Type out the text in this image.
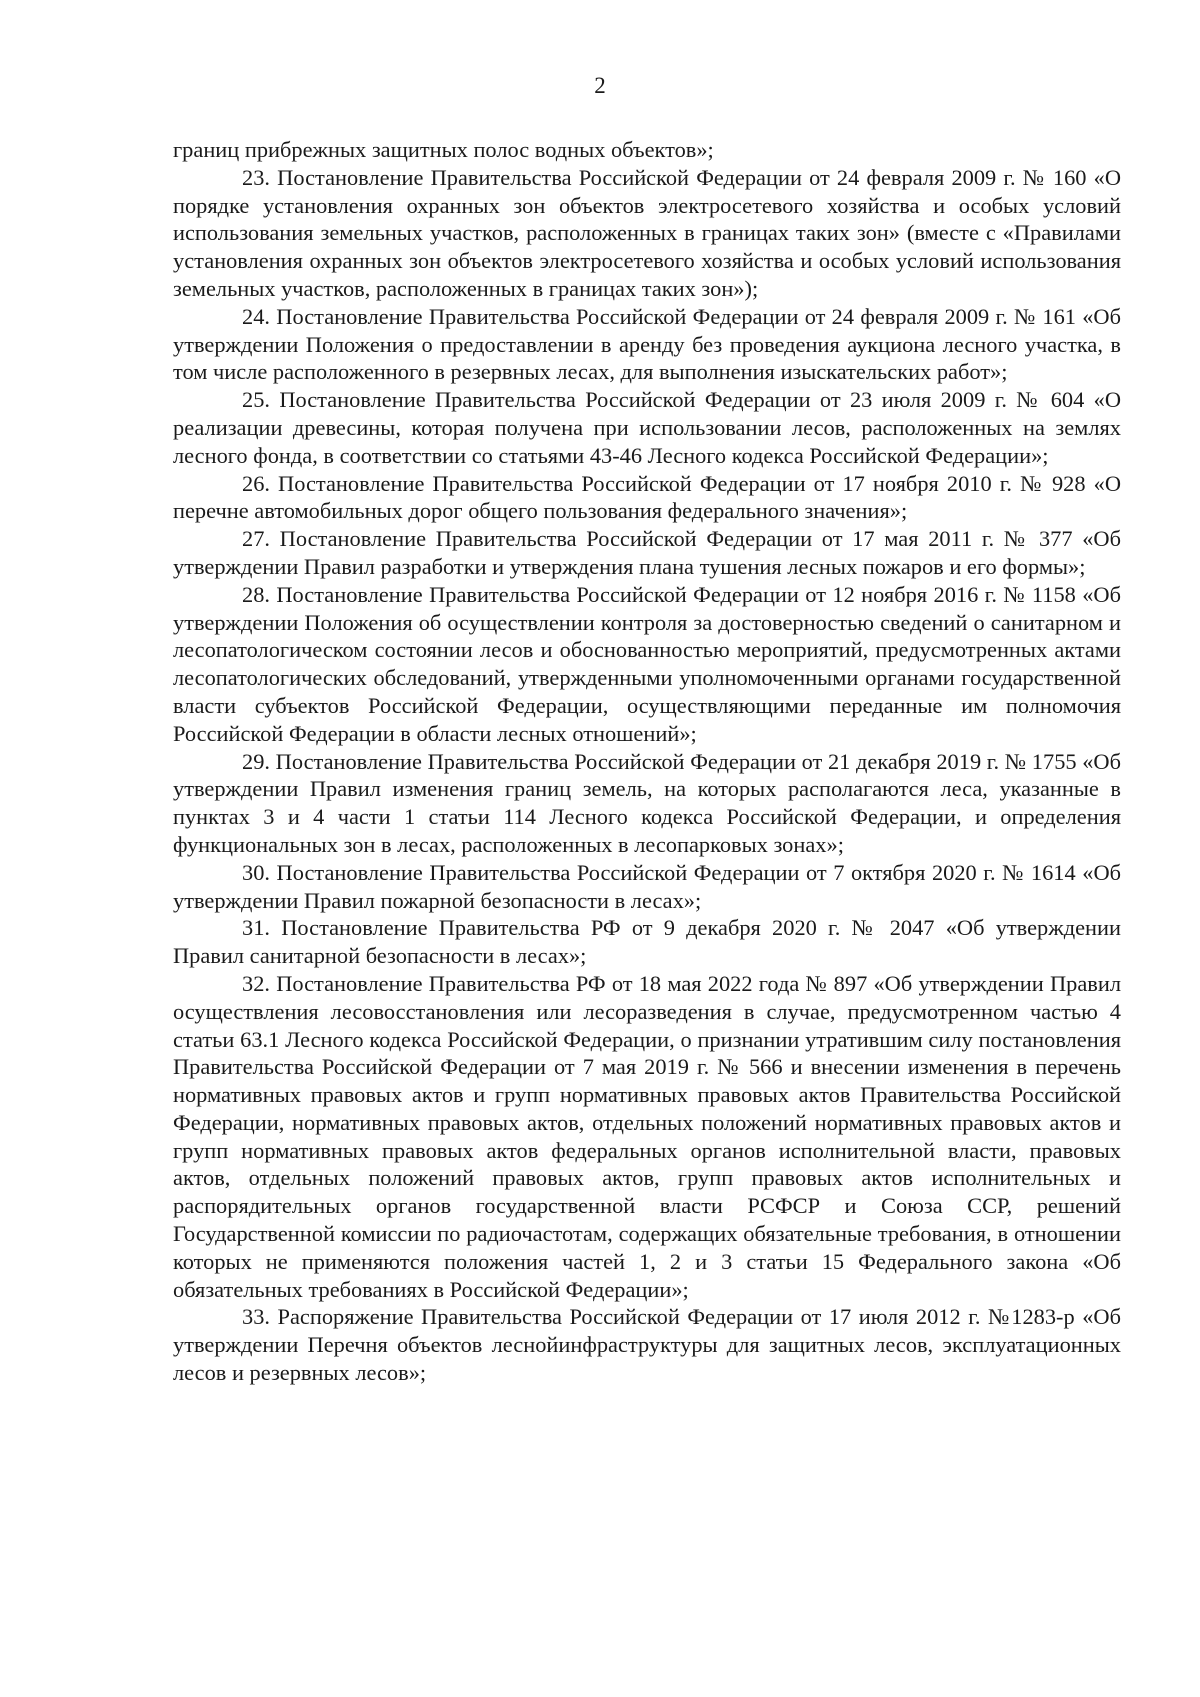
2

границ прибрежных защитных полос водных объектов»;

23. Постановление Правительства Российской Федерации от 24 февраля 2009 г. № 160 «О порядке установления охранных зон объектов электросетевого хозяйства и особых условий использования земельных участков, расположенных в границах таких зон» (вместе с «Правилами установления охранных зон объектов электросетевого хозяйства и особых условий использования земельных участков, расположенных в границах таких зон»);

24. Постановление Правительства Российской Федерации от 24 февраля 2009 г. № 161 «Об утверждении Положения о предоставлении в аренду без проведения аукциона лесного участка, в том числе расположенного в резервных лесах, для выполнения изыскательских работ»;

25. Постановление Правительства Российской Федерации от 23 июля 2009 г. № 604 «О реализации древесины, которая получена при использовании лесов, расположенных на землях лесного фонда, в соответствии со статьями 43-46 Лесного кодекса Российской Федерации»;

26. Постановление Правительства Российской Федерации от 17 ноября 2010 г. № 928 «О перечне автомобильных дорог общего пользования федерального значения»;

27. Постановление Правительства Российской Федерации от 17 мая 2011 г. № 377 «Об утверждении Правил разработки и утверждения плана тушения лесных пожаров и его формы»;

28. Постановление Правительства Российской Федерации от 12 ноября 2016 г. № 1158 «Об утверждении Положения об осуществлении контроля за достоверностью сведений о санитарном и лесопатологическом состоянии лесов и обоснованностью мероприятий, предусмотренных актами лесопатологических обследований, утвержденными уполномоченными органами государственной власти субъектов Российской Федерации, осуществляющими переданные им полномочия Российской Федерации в области лесных отношений»;

29. Постановление Правительства Российской Федерации от 21 декабря 2019 г. № 1755 «Об утверждении Правил изменения границ земель, на которых располагаются леса, указанные в пунктах 3 и 4 части 1 статьи 114 Лесного кодекса Российской Федерации, и определения функциональных зон в лесах, расположенных в лесопарковых зонах»;

30. Постановление Правительства Российской Федерации от 7 октября 2020 г. № 1614 «Об утверждении Правил пожарной безопасности в лесах»;

31. Постановление Правительства РФ от 9 декабря 2020 г. № 2047 «Об утверждении Правил санитарной безопасности в лесах»;

32. Постановление Правительства РФ от 18 мая 2022 года № 897 «Об утверждении Правил осуществления лесовосстановления или лесоразведения в случае, предусмотренном частью 4 статьи 63.1 Лесного кодекса Российской Федерации, о признании утратившим силу постановления Правительства Российской Федерации от 7 мая 2019 г. № 566 и внесении изменения в перечень нормативных правовых актов и групп нормативных правовых актов Правительства Российской Федерации, нормативных правовых актов, отдельных положений нормативных правовых актов и групп нормативных правовых актов федеральных органов исполнительной власти, правовых актов, отдельных положений правовых актов, групп правовых актов исполнительных и распорядительных органов государственной власти РСФСР и Союза ССР, решений Государственной комиссии по радиочастотам, содержащих обязательные требования, в отношении которых не применяются положения частей 1, 2 и 3 статьи 15 Федерального закона «Об обязательных требованиях в Российской Федерации»;

33. Распоряжение Правительства Российской Федерации от 17 июля 2012 г. №1283-р «Об утверждении Перечня объектов леснойинфраструктуры для защитных лесов, эксплуатационных лесов и резервных лесов»;
